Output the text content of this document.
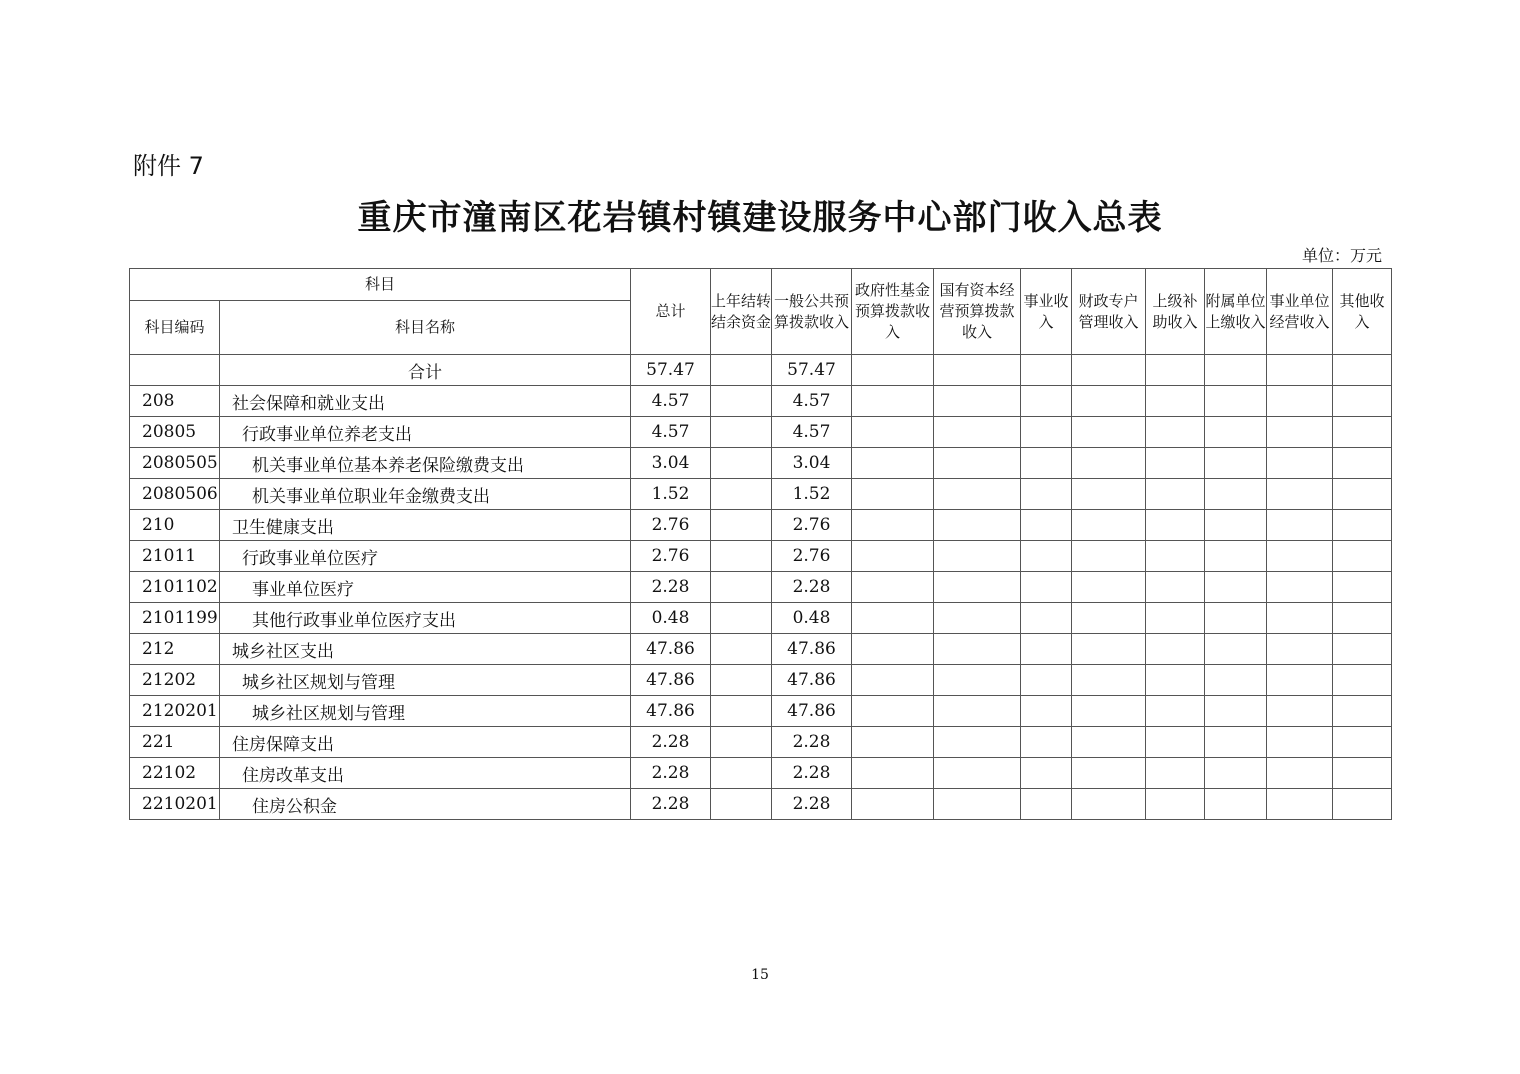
附件 7
重庆市潼南区花岩镇村镇建设服务中心部门收入总表
单位：万元
科目		总计	上年结转结余资金	一般公共预算拨款收入	政府性基金预算拨款收入	国有资本经营预算拨款收入	事业收入	财政专户管理收入	上级补助收入	附属单位上缴收入	事业单位经营收入	其他收入
科目编码	科目名称											
	合计	57.47		57.47								
208	社会保障和就业支出	4.57		4.57								
20805	行政事业单位养老支出	4.57		4.57								
2080505	机关事业单位基本养老保险缴费支出	3.04		3.04								
2080506	机关事业单位职业年金缴费支出	1.52		1.52								
210	卫生健康支出	2.76		2.76								
21011	行政事业单位医疗	2.76		2.76								
2101102	事业单位医疗	2.28		2.28								
2101199	其他行政事业单位医疗支出	0.48		0.48								
212	城乡社区支出	47.86		47.86								
21202	城乡社区规划与管理	47.86		47.86								
2120201	城乡社区规划与管理	47.86		47.86								
221	住房保障支出	2.28		2.28								
22102	住房改革支出	2.28		2.28								
2210201	住房公积金	2.28		2.28								
15
